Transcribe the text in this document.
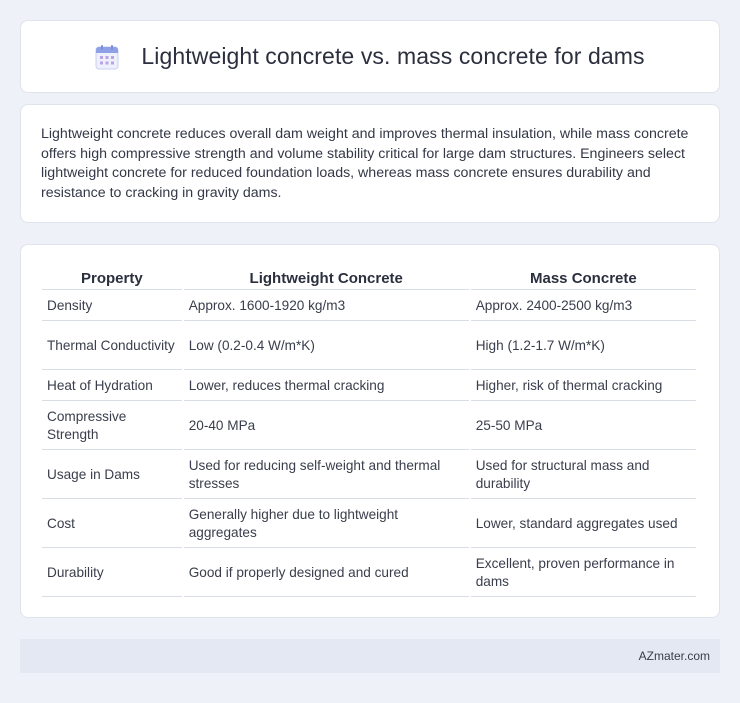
Lightweight concrete vs. mass concrete for dams

Lightweight concrete reduces overall dam weight and improves thermal insulation, while mass concrete offers high compressive strength and volume stability critical for large dam structures. Engineers select lightweight concrete for reduced foundation loads, whereas mass concrete ensures durability and resistance to cracking in gravity dams.

Property	Lightweight Concrete	Mass Concrete
Density	Approx. 1600-1920 kg/m3	Approx. 2400-2500 kg/m3
Thermal Conductivity	Low (0.2-0.4 W/m*K)	High (1.2-1.7 W/m*K)
Heat of Hydration	Lower, reduces thermal cracking	Higher, risk of thermal cracking
Compressive Strength	20-40 MPa	25-50 MPa
Usage in Dams	Used for reducing self-weight and thermal stresses	Used for structural mass and durability
Cost	Generally higher due to lightweight aggregates	Lower, standard aggregates used
Durability	Good if properly designed and cured	Excellent, proven performance in dams
AZmater.com
